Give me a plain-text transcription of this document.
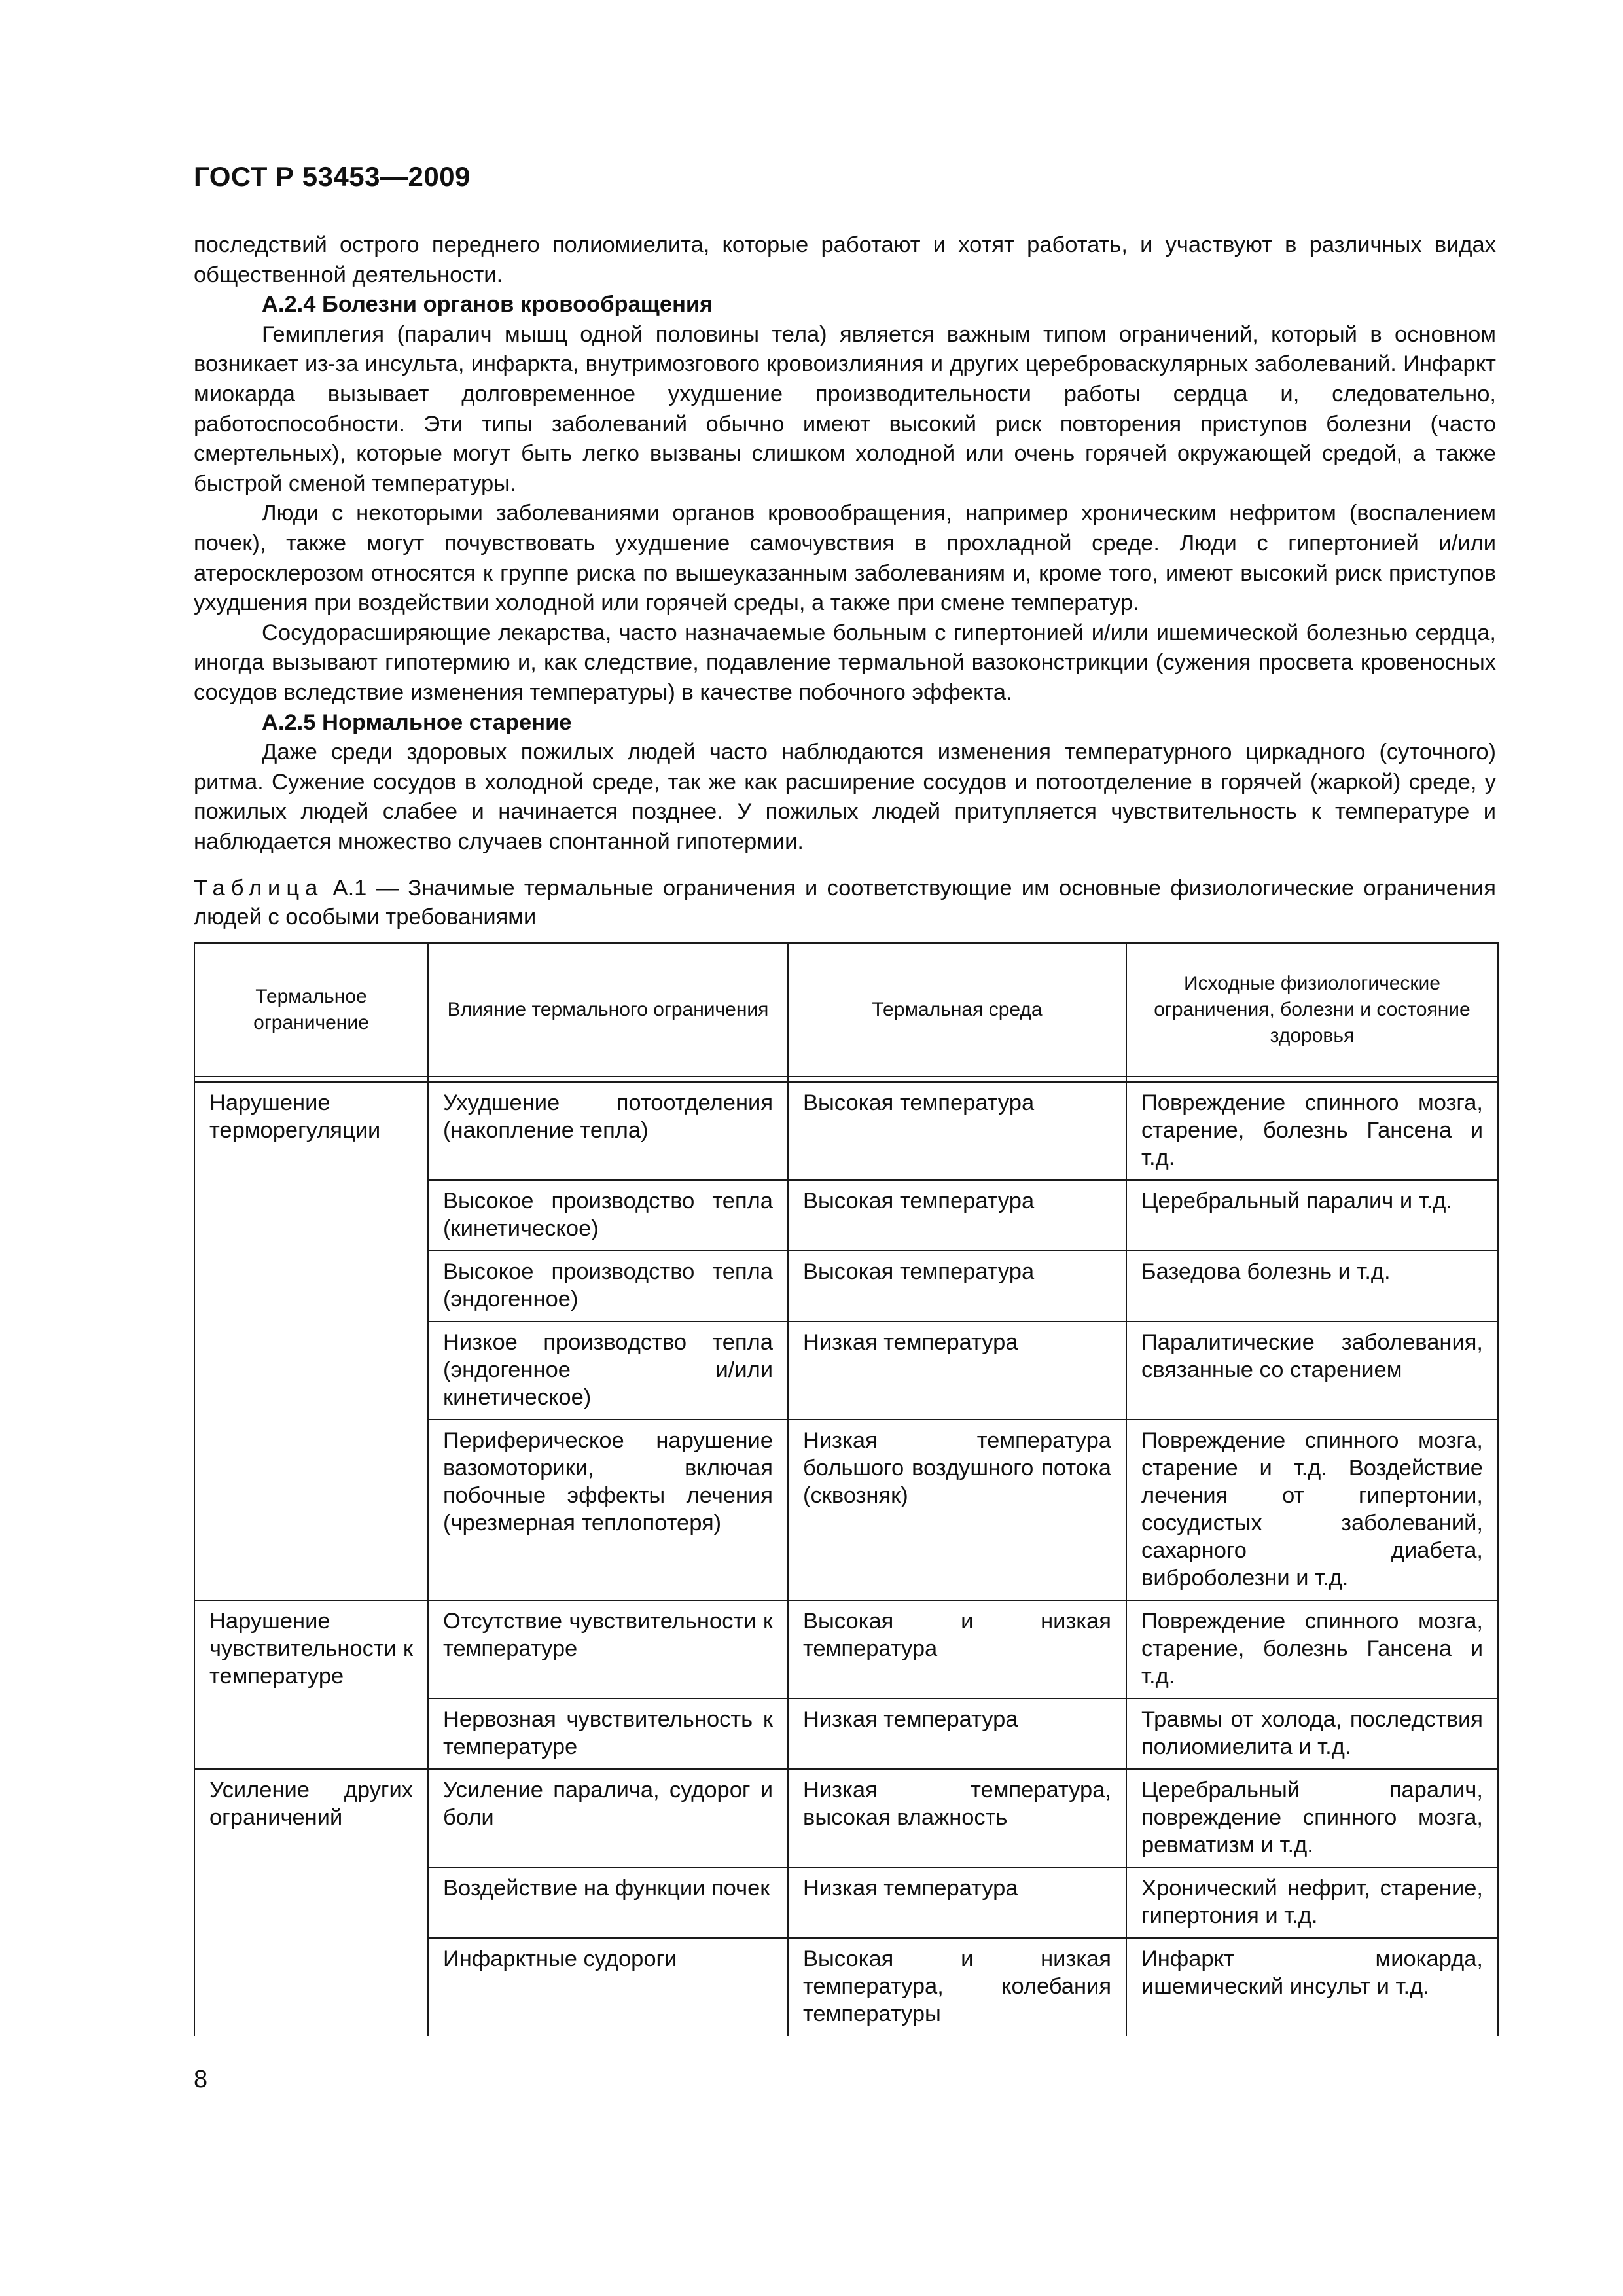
ГОСТ Р 53453—2009

последствий острого переднего полиомиелита, которые работают и хотят работать, и участвуют в различных видах общественной деятельности.

А.2.4 Болезни органов кровообращения

Гемиплегия (паралич мышц одной половины тела) является важным типом ограничений, который в основном возникает из-за инсульта, инфаркта, внутримозгового кровоизлияния и других цереброваскулярных заболеваний. Инфаркт миокарда вызывает долговременное ухудшение производительности работы сердца и, следовательно, работоспособности. Эти типы заболеваний обычно имеют высокий риск повторения приступов болезни (часто смертельных), которые могут быть легко вызваны слишком холодной или очень горячей окружающей средой, а также быстрой сменой температуры.

Люди с некоторыми заболеваниями органов кровообращения, например хроническим нефритом (воспалением почек), также могут почувствовать ухудшение самочувствия в прохладной среде. Люди с гипертонией и/или атеросклерозом относятся к группе риска по вышеуказанным заболеваниям и, кроме того, имеют высокий риск приступов ухудшения при воздействии холодной или горячей среды, а также при смене температур.

Сосудорасширяющие лекарства, часто назначаемые больным с гипертонией и/или ишемической болезнью сердца, иногда вызывают гипотермию и, как следствие, подавление термальной вазоконстрикции (сужения просвета кровеносных сосудов вследствие изменения температуры) в качестве побочного эффекта.

А.2.5 Нормальное старение

Даже среди здоровых пожилых людей часто наблюдаются изменения температурного циркадного (суточного) ритма. Сужение сосудов в холодной среде, так же как расширение сосудов и потоотделение в горячей (жаркой) среде, у пожилых людей слабее и начинается позднее. У пожилых людей притупляется чувствительность к температуре и наблюдается множество случаев спонтанной гипотермии.

Таблица А.1 — Значимые термальные ограничения и соответствующие им основные физиологические ограничения людей с особыми требованиями
Термальное ограничение	Влияние термального ограничения	Термальная среда	Исходные физиологические ограничения, болезни и состояние здоровья

Нарушение терморегуляции	Ухудшение потоотделения (накопление тепла)	Высокая температура	Повреждение спинного мозга, старение, болезнь Гансена и т.д.
	Высокое производство тепла (кинетическое)	Высокая температура	Церебральный паралич и т.д.
	Высокое производство тепла (эндогенное)	Высокая температура	Базедова болезнь и т.д.
	Низкое производство тепла (эндогенное и/или кинетическое)	Низкая температура	Паралитические заболевания, связанные со старением
	Периферическое нарушение вазомоторики, включая побочные эффекты лечения (чрезмерная теплопотеря)	Низкая температура большого воздушного потока (сквозняк)	Повреждение спинного мозга, старение и т.д. Воздействие лечения от гипертонии, сосудистых заболеваний, сахарного диабета, виброболезни и т.д.
Нарушение чувствительности к температуре	Отсутствие чувствительности к температуре	Высокая и низкая температура	Повреждение спинного мозга, старение, болезнь Гансена и т.д.
	Нервозная чувствительность к температуре	Низкая температура	Травмы от холода, последствия полиомиелита и т.д.
Усиление других ограничений	Усиление паралича, судорог и боли	Низкая температура, высокая влажность	Церебральный паралич, повреждение спинного мозга, ревматизм и т.д.
	Воздействие на функции почек	Низкая температура	Хронический нефрит, старение, гипертония и т.д.
	Инфарктные судороги	Высокая и низкая температура, колебания температуры	Инфаркт миокарда, ишемический инсульт и т.д.
8
